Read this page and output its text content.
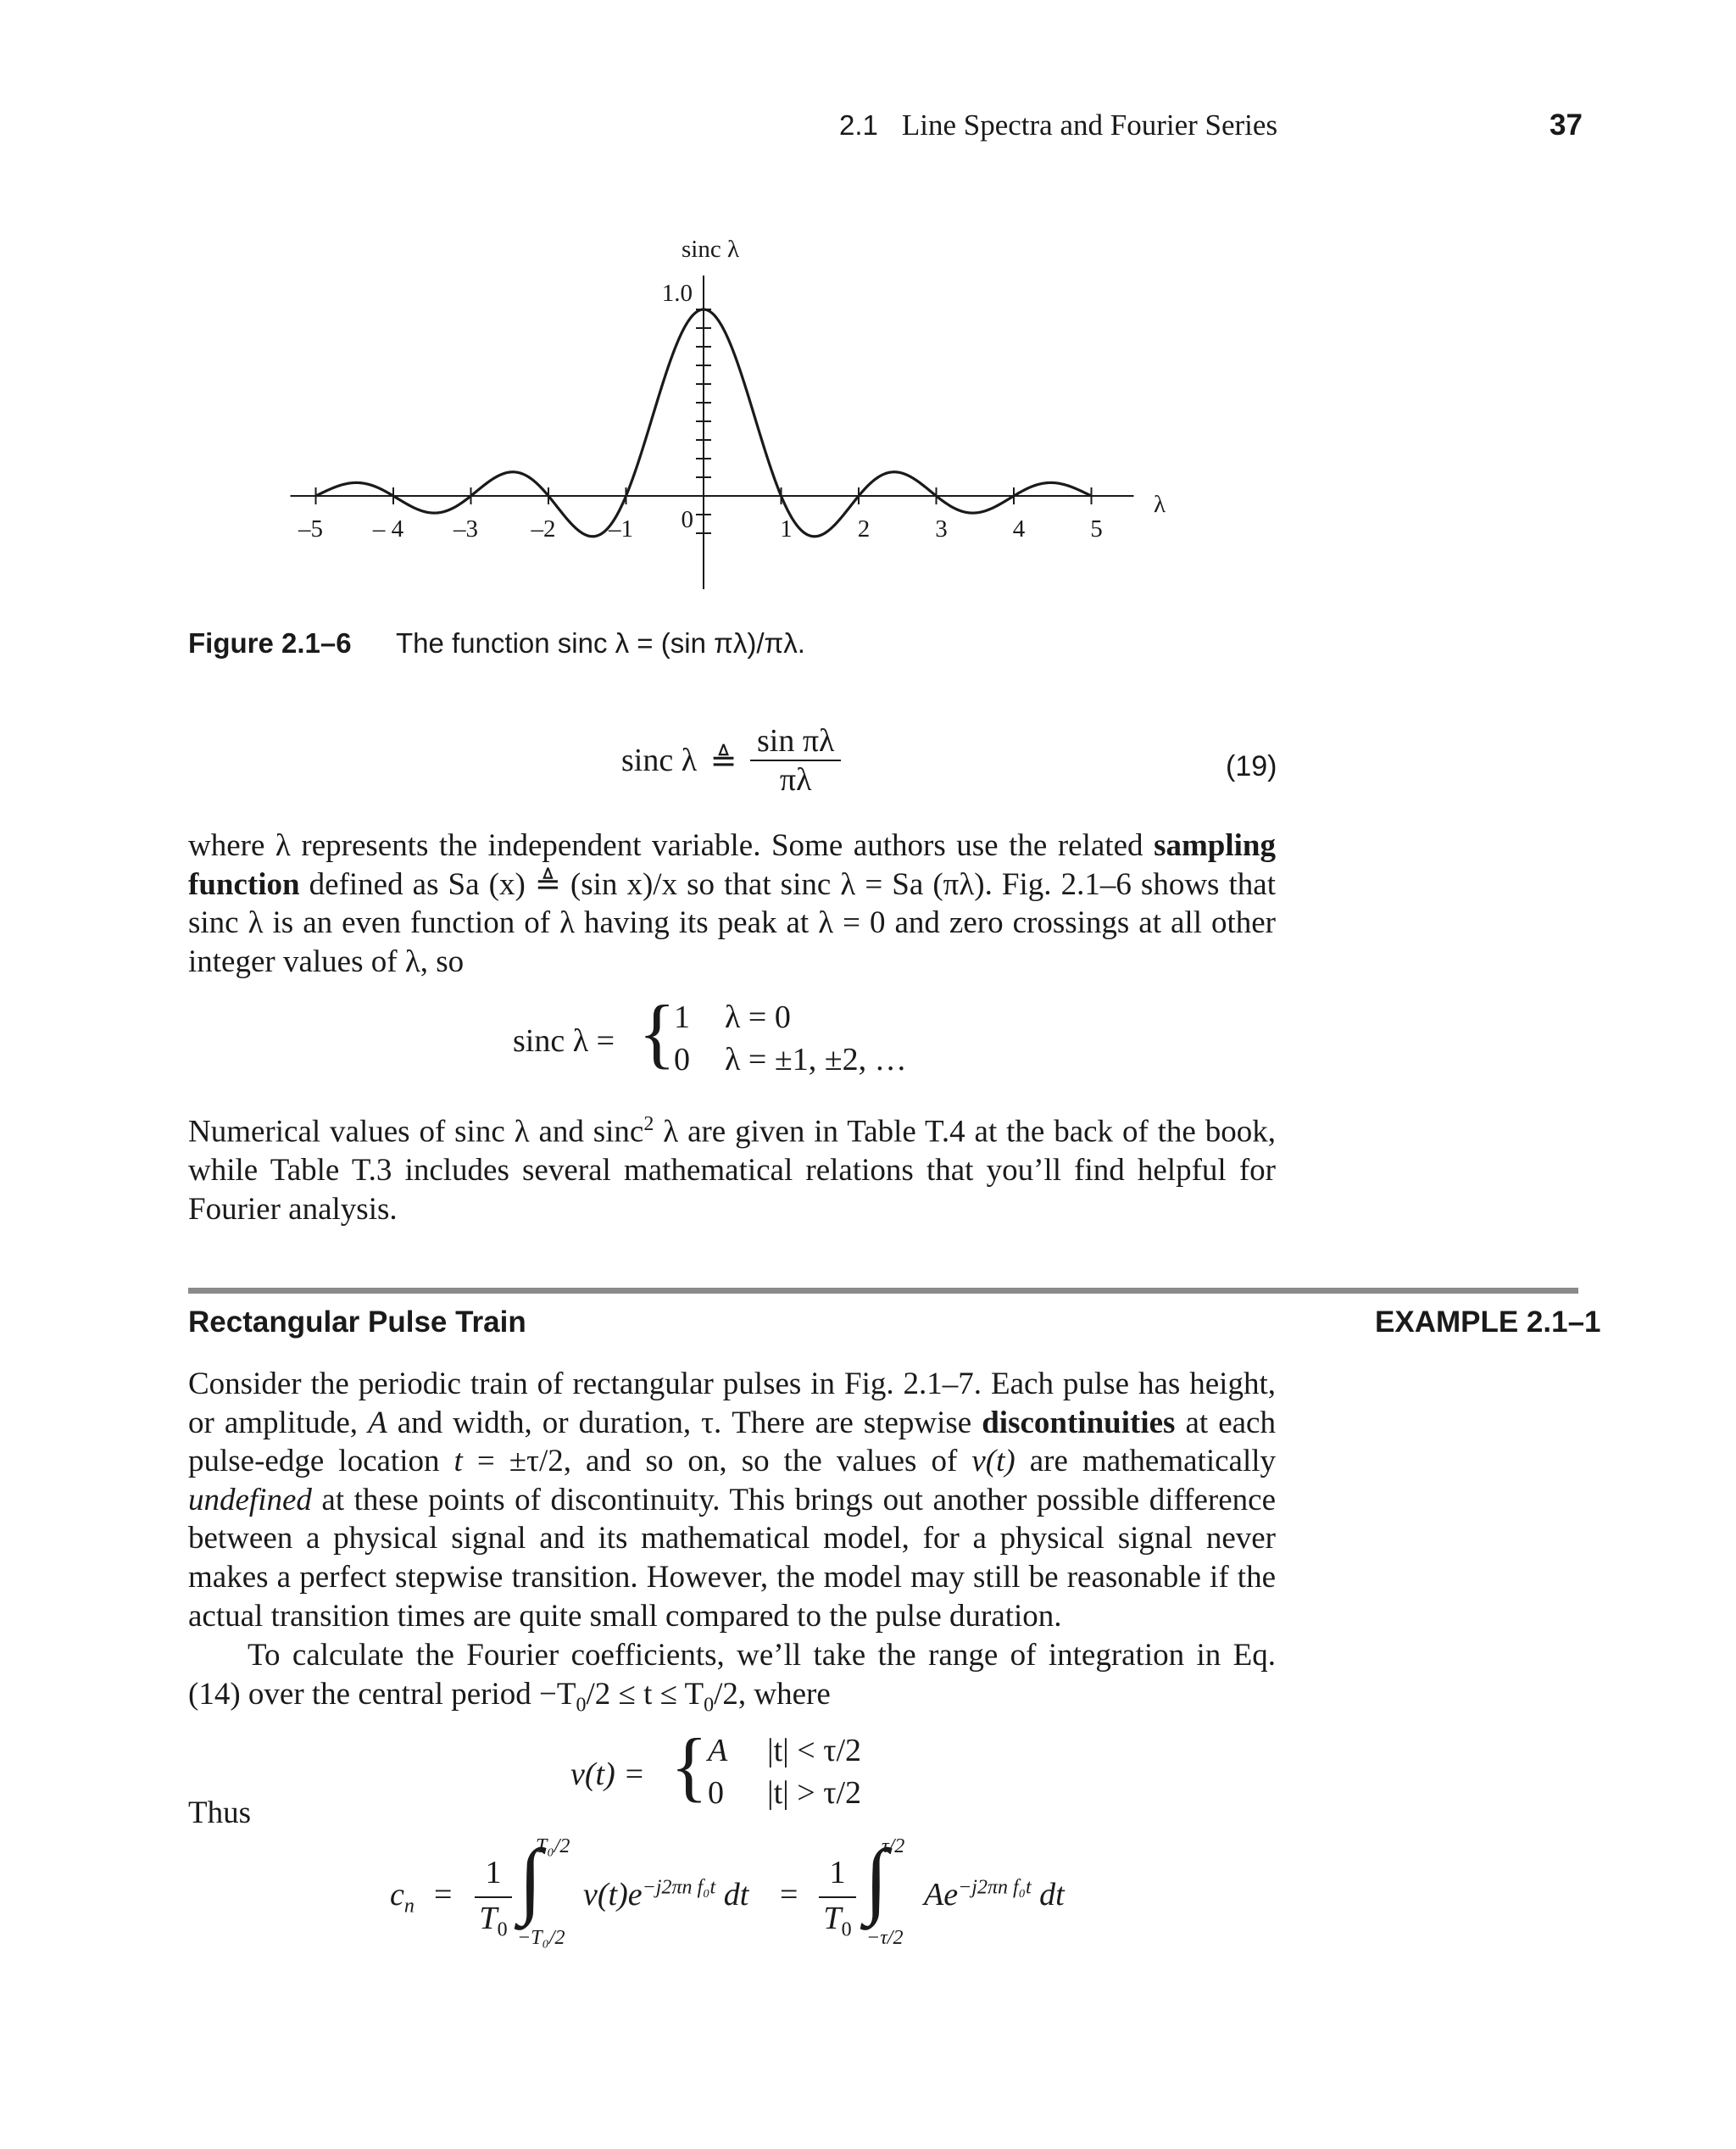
2.1 Line Spectra and Fourier Series	37
sinc λ
1.0
λ
0
–5 – 4 –3 –2 –1	1	2	3	4	5
Figure 2.1–6 The function sinc λ = (sin πλ)/πλ.
sinc λ ≜ $\frac{\text{sin πλ}}{\pi\lambda}$	(19)

where λ represents the independent variable. Some authors use the related sampling function defined as Sa (x) ≜ (sin x)/x so that sinc λ = Sa (πλ). Fig. 2.1–6 shows that sinc λ is an even function of λ having its peak at λ = 0 and zero crossings at all other integer values of λ, so

sinc λ = {
1 λ = 0
0 λ = ±1, ±2, …

Numerical values of sinc λ and sinc$^2$ λ are given in Table T.4 at the back of the book, while Table T.3 includes several mathematical relations that you’ll find helpful for Fourier analysis.

Rectangular Pulse Train	EXAMPLE 2.1–1

Consider the periodic train of rectangular pulses in Fig. 2.1–7. Each pulse has height, or amplitude, A and width, or duration, τ. There are stepwise discontinuities at each pulse-edge location t = ±τ/2, and so on, so the values of v(t) are mathematically undefined at these points of discontinuity. This brings out another possible difference between a physical signal and its mathematical model, for a physical signal never makes a perfect stepwise transition. However, the model may still be reasonable if the actual transition times are quite small compared to the pulse duration.

To calculate the Fourier coefficients, we’ll take the range of integration in Eq. (14) over the central period $-T_0/2 \le t \le T_0/2$, where

v(t) = { A |t| < τ/2
0 |t| > τ/2
Thus
$c_n$ =
1
$T_0$
∫
T₀/2
−T₀/2
$v(t)e^{-j2\pi n f_0t}$ dt =
1
$T_0$
∫
τ/2
−τ/2
$Ae^{-j2\pi n f_0t}$ dt
